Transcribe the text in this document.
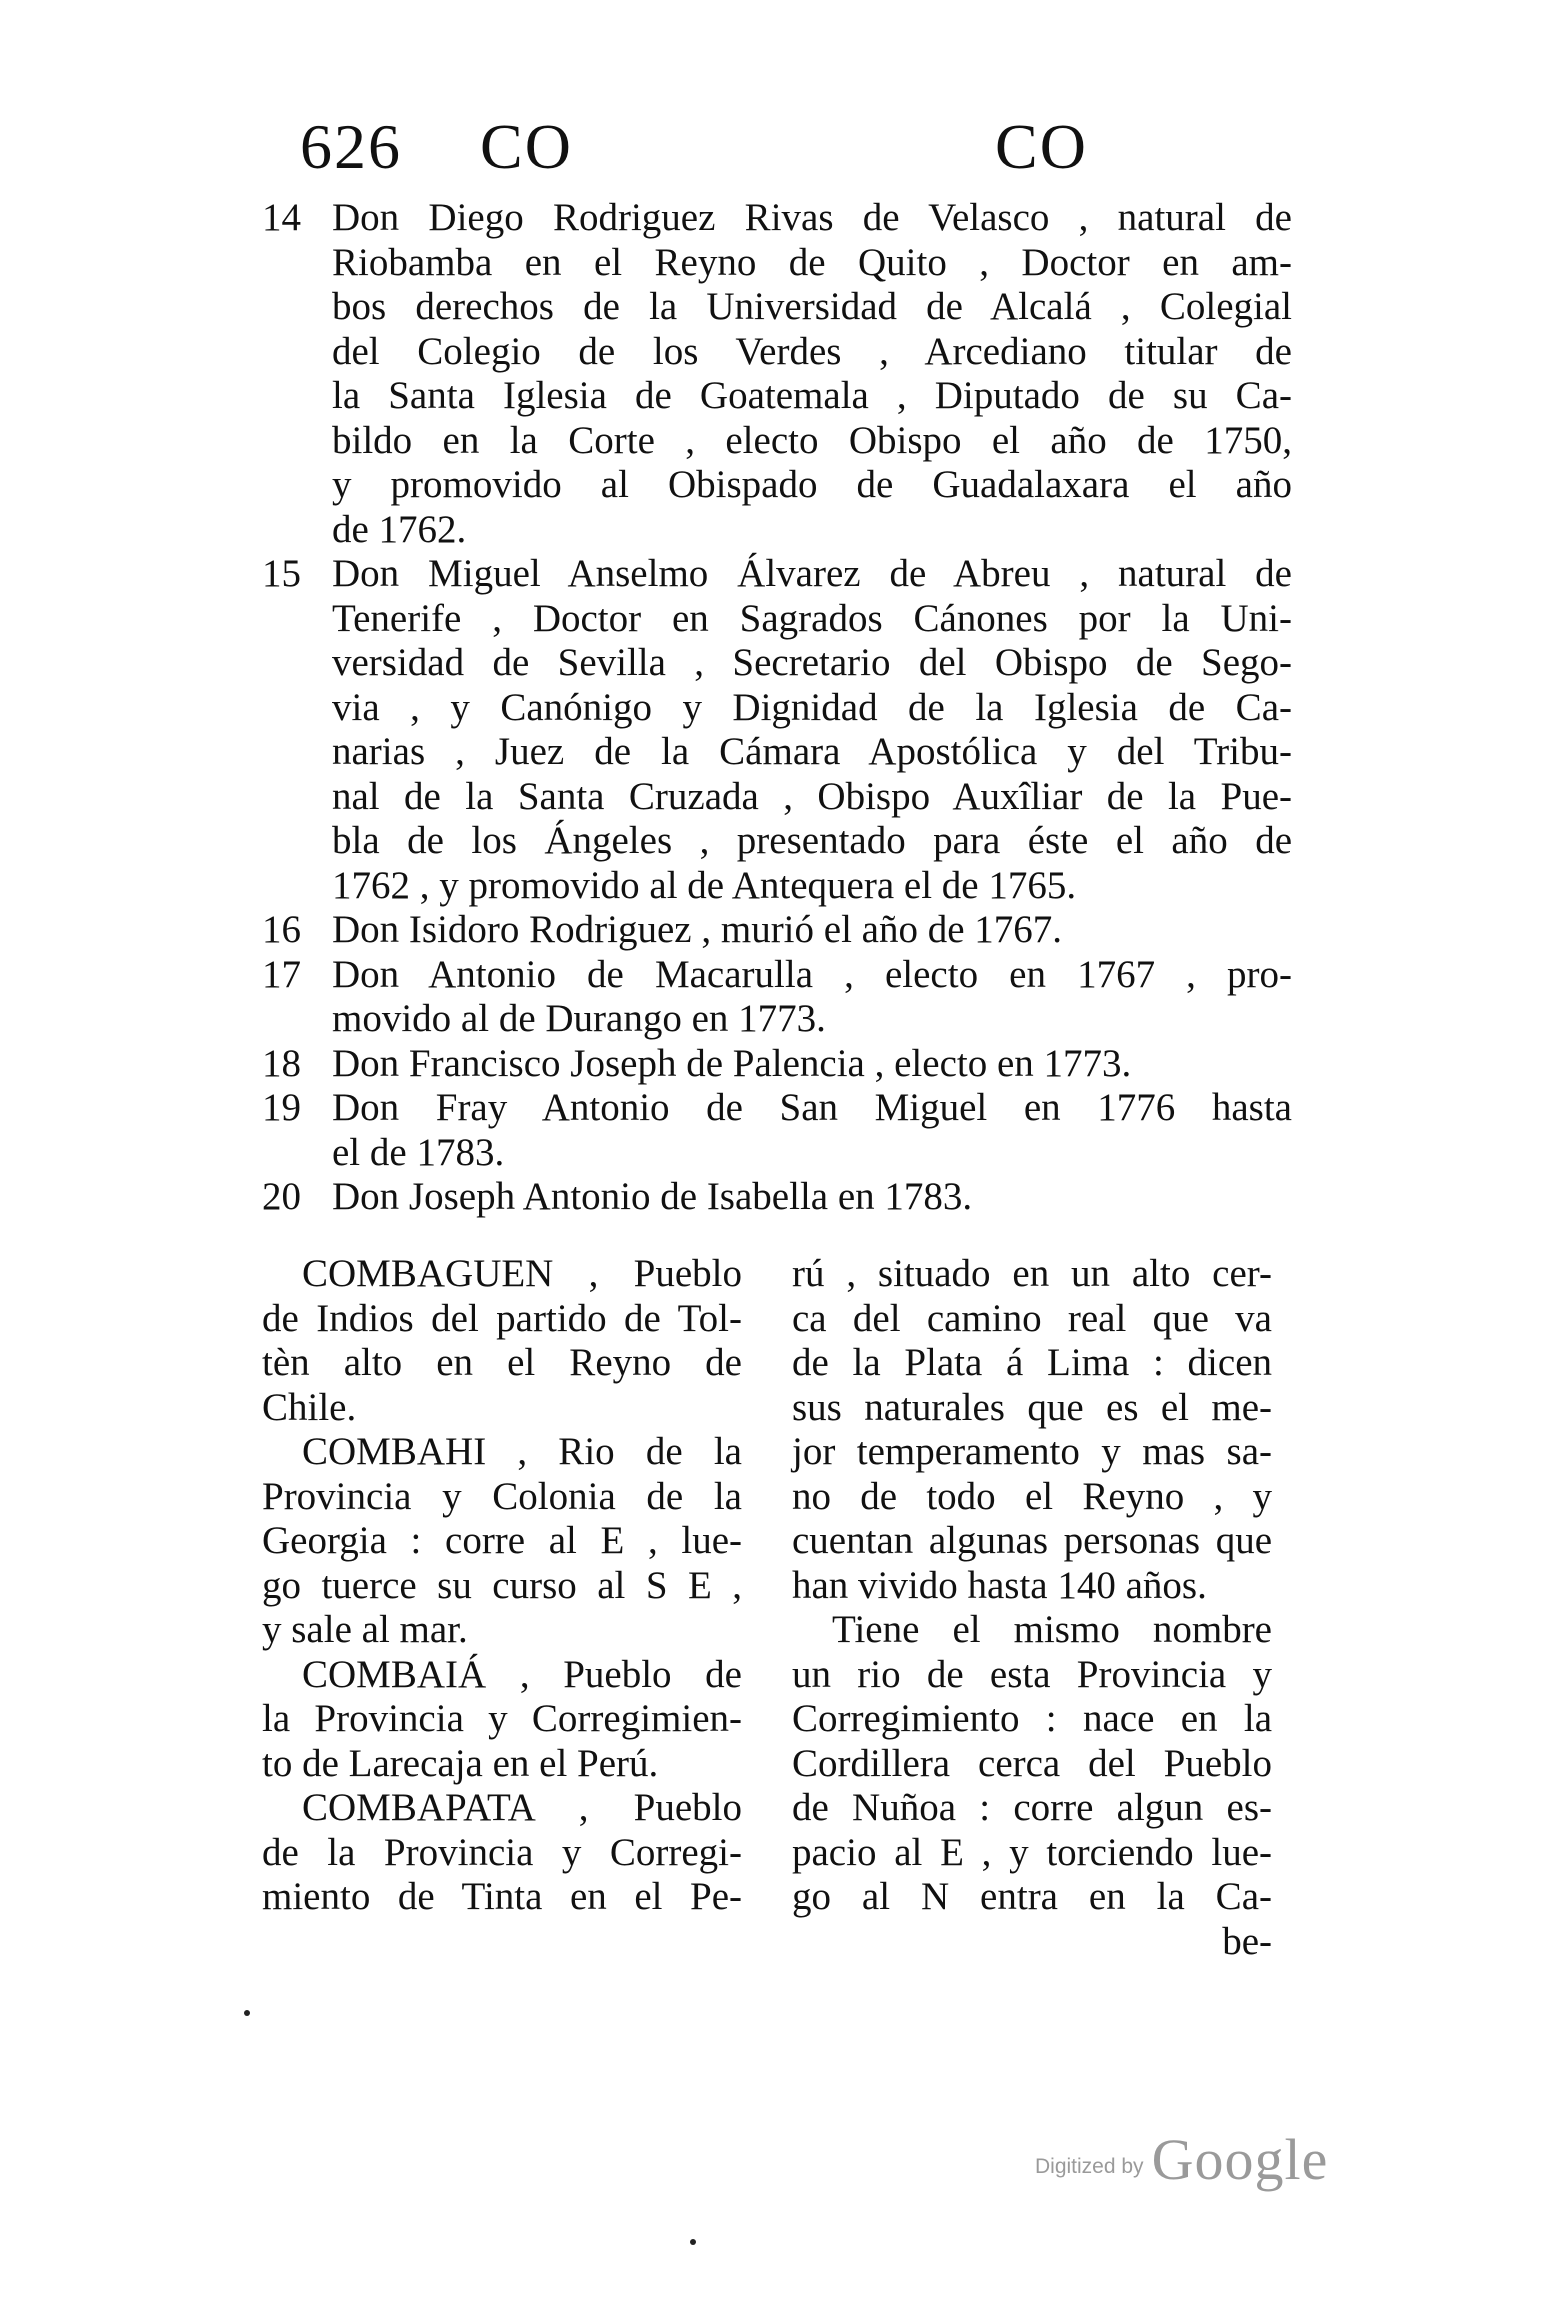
626 CO	CO
14 Don Diego Rodriguez Rivas de Velasco , natural de
Riobamba en el Reyno de Quito , Doctor en am-
bos derechos de la Universidad de Alcalá , Colegial
del Colegio de los Verdes , Arcediano titular de
la Santa Iglesia de Goatemala , Diputado de su Ca-
bildo en la Corte , electo Obispo el año de 1750,
y promovido al Obispado de Guadalaxara el año
de 1762.
15 Don Miguel Anselmo Álvarez de Abreu , natural de
Tenerife , Doctor en Sagrados Cánones por la Uni-
versidad de Sevilla , Secretario del Obispo de Sego-
via , y Canónigo y Dignidad de la Iglesia de Ca-
narias , Juez de la Cámara Apostólica y del Tribu-
nal de la Santa Cruzada , Obispo Auxîliar de la Pue-
bla de los Ángeles , presentado para éste el año de
1762 , y promovido al de Antequera el de 1765.
16 Don Isidoro Rodriguez , murió el año de 1767.
17 Don Antonio de Macarulla , electo en 1767 , pro-
movido al de Durango en 1773.
18 Don Francisco Joseph de Palencia , electo en 1773.
19 Don Fray Antonio de San Miguel en 1776 hasta
el de 1783.
20 Don Joseph Antonio de Isabella en 1783.
COMBAGUEN , Pueblo
de Indios del partido de Tol-
tèn alto en el Reyno de
Chile.
COMBAHI , Rio de la
Provincia y Colonia de la
Georgia : corre al E , lue-
go tuerce su curso al S E ,
y sale al mar.
COMBAIÁ , Pueblo de
la Provincia y Corregimien-
to de Larecaja en el Perú.
COMBAPATA , Pueblo
de la Provincia y Corregi-
miento de Tinta en el Pe-
rú , situado en un alto cer-
ca del camino real que va
de la Plata á Lima : dicen
sus naturales que es el me-
jor temperamento y mas sa-
no de todo el Reyno , y
cuentan algunas personas que
han vivido hasta 140 años.
Tiene el mismo nombre
un rio de esta Provincia y
Corregimiento : nace en la
Cordillera cerca del Pueblo
de Nuñoa : corre algun es-
pacio al E , y torciendo lue-
go al N entra en la Ca-
be-
Digitized by Google
